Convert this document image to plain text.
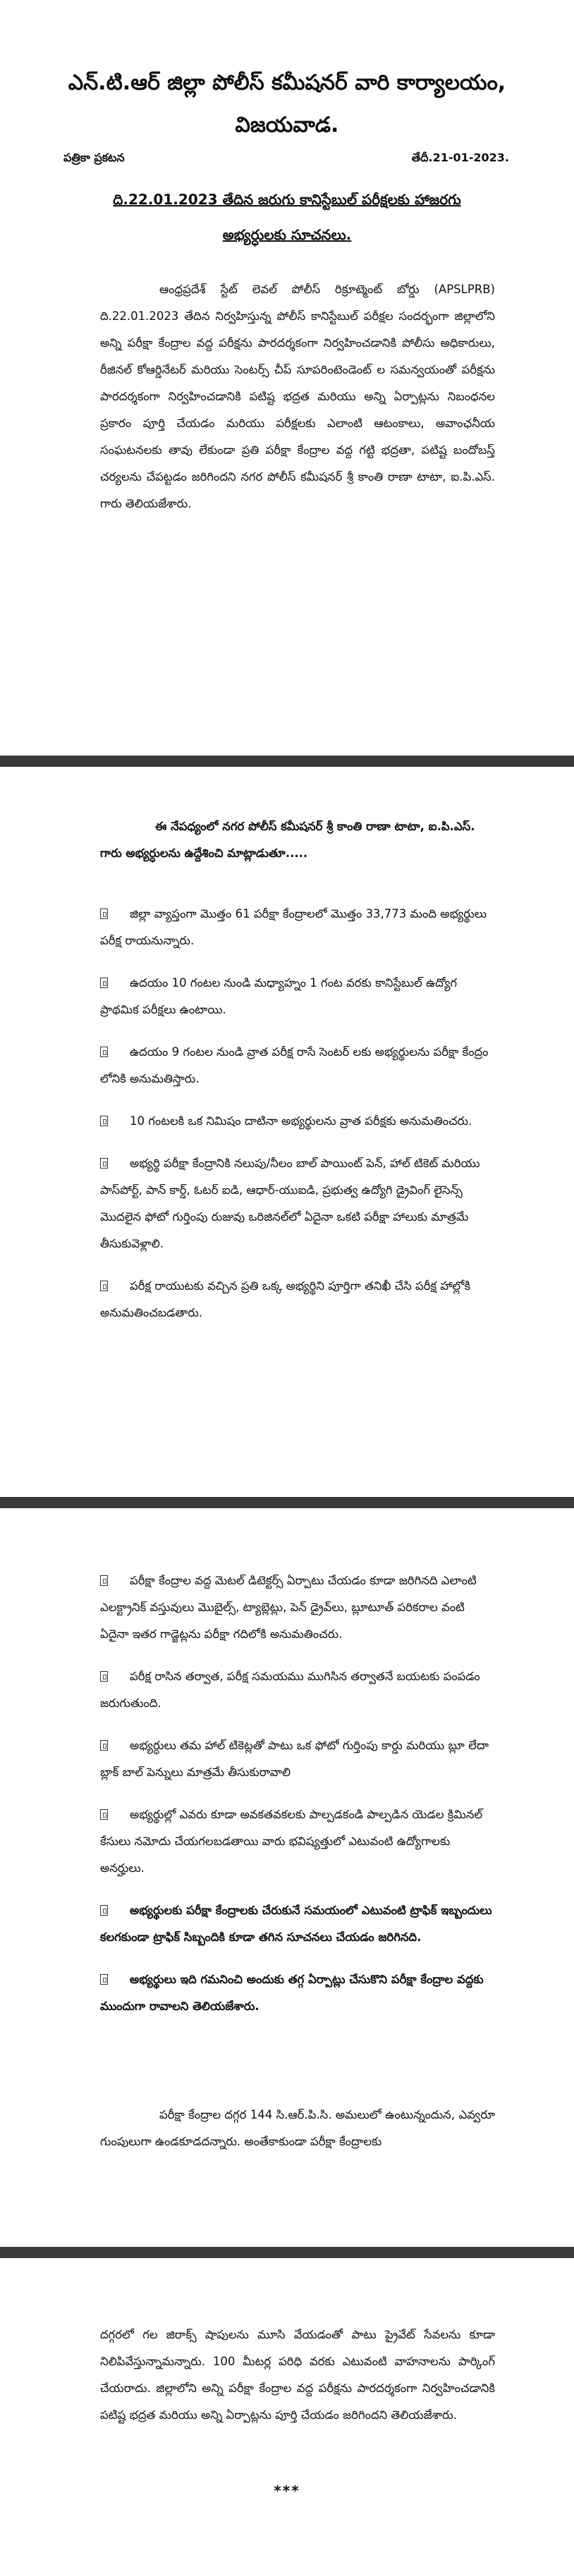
ఎన్.టి.ఆర్ జిల్లా పోలీస్ కమీషనర్ వారి కార్యాలయం,
విజయవాడ.
పత్రికా ప్రకటన	తేదీ.21-01-2023.
ది.22.01.2023 తేదిన జరుగు కానిస్టేబుల్ పరీక్షలకు హాజరగు
అభ్యర్ధులకు సూచనలు.
ఆంధ్రప్రదేశ్ స్టేట్ లెవల్ పోలీస్ రిక్రూట్మెంట్ బోర్డు (APSLPRB) ది.22.01.2023 తేదిన నిర్వహిస్తున్న పోలీస్ కానిస్టేబుల్ పరీక్షల సందర్భంగా జిల్లాలోని అన్ని పరీక్షా కేంద్రాల వద్ద పరీక్షను పారదర్శకంగా నిర్వహించడానికి పోలీసు అధికారులు, రీజినల్ కోఆర్డినేటర్ మరియు సెంటర్స్ చీప్ సూపరింటెండెంట్ ల సమన్వయంతో పరీక్షను పారదర్శకంగా నిర్వహించడానికి పటిష్ట భద్రత మరియు అన్ని ఏర్పాట్లను నిబంధనల ప్రకారం పూర్తి చేయడం మరియు పరీక్షలకు ఎలాంటి ఆటంకాలు, అవాంఛనీయ సంఘటనలకు తావు లేకుండా ప్రతి పరీక్షా కేంద్రాల వద్ద గట్టి భద్రతా, పటిష్ట బందోబస్త్ చర్యలను చేపట్టడం జరిగిందని నగర పోలీస్ కమీషనర్ శ్రీ కాంతి రాణా టాటా, ఐ.పి.ఎస్. గారు తెలియజేశారు.
ఈ నేపధ్యంలో నగర పోలీస్ కమీషనర్ శ్రీ కాంతి రాణా టాటా, ఐ.పి.ఎస్. గారు అభ్యర్ధులను ఉద్దేశించి మాట్లాడుతూ.....
జిల్లా వ్యాప్తంగా మొత్తం 61 పరీక్షా కేంద్రాలలో మొత్తం 33,773 మంది అభ్యర్థులు పరీక్ష రాయనున్నారు.
ఉదయం 10 గంటల నుండి మధ్యాహ్నం 1 గంట వరకు కానిస్టేబుల్ ఉద్యోగ ప్రాథమిక పరీక్షలు ఉంటాయి.
ఉదయం 9 గంటల నుండి వ్రాత పరీక్ష రాసే సెంటర్ లకు అభ్యర్థులను పరీక్షా కేంద్రం లోనికి అనుమతిస్తారు.
10 గంటలకి ఒక నిమిషం దాటినా అభ్యర్థులను వ్రాత పరీక్షకు అనుమతించరు.
అభ్యర్థి పరీక్షా కేంద్రానికి నలుపు/నీలం బాల్ పాయింట్ పెన్, హాల్ టికెట్ మరియు పాస్‌పోర్ట్, పాన్ కార్డ్, ఓటర్ ఐడి, ఆధార్-యుఐడి, ప్రభుత్వ ఉద్యోగి డ్రైవింగ్ లైసెన్స్ మొదలైన ఫోటో గుర్తింపు రుజువు ఒరిజినల్‌లో ఏదైనా ఒకటి పరీక్షా హాలుకు మాత్రమే తీసుకువెళ్లాలి.
పరీక్ష రాయుటకు వచ్చిన ప్రతి ఒక్క అభ్యర్థిని పూర్తిగా తనిఖీ చేసి పరీక్ష హాల్లోకి అనుమతించబడతారు.
పరీక్షా కేంద్రాల వద్ద మెటల్ డిటెక్టర్స్ ఏర్పాటు చేయడం కూడా జరిగినది ఎలాంటి ఎలక్ట్రానిక్ వస్తువులు మొబైల్స్, ట్యాబ్లెట్లు, పెన్ డ్రైవ్‌లు, బ్లూటూత్ పరికరాల వంటి ఏదైనా ఇతర గాడ్జెట్లను పరీక్షా గదిలోకి అనుమతించరు.
పరీక్ష రాసిన తర్వాత, పరీక్ష సమయము ముగిసిన తర్వాతనే బయటకు పంపడం జరుగుతుంది.
అభ్యర్ధులు తమ హాల్ టికెట్లతో పాటు ఒక ఫోటో గుర్తింపు కార్డు మరియు బ్లూ లేదా బ్లాక్ బాల్ పెన్నులు మాత్రమే తీసుకురావాలి
అభ్యర్థుల్లో ఎవరు కూడా అవకతవకలకు పాల్పడకండి పాల్పడిన యెడల క్రిమినల్ కేసులు నమోదు చేయగలబడతాయి వారు భవిష్యత్తులో ఎటువంటి ఉద్యోగాలకు అనర్హులు.
అభ్యర్థులకు పరీక్షా కేంద్రాలకు చేరుకునే సమయంలో ఎటువంటి ట్రాఫిక్ ఇబ్బందులు కలగకుండా ట్రాఫిక్ సిబ్బందికి కూడా తగిన సూచనలు చేయడం జరిగినది.
అభ్యర్థులు ఇది గమనించి అందుకు తగ్గ ఏర్పాట్లు చేసుకొని పరీక్షా కేంద్రాల వద్దకు ముందుగా రావాలని తెలియజేశారు.
పరీక్షా కేంద్రాల దగ్గర 144 సి.ఆర్.పి.సి. అమలులో ఉంటున్నందున, ఎవ్వరూ గుంపులుగా ఉండకూడదన్నారు. అంతేకాకుండా పరీక్షా కేంద్రాలకు
దగ్గరలో గల జిరాక్స్ షాపులను మూసి వేయడంతో పాటు ప్రైవేట్ సేవలను కూడా నిలిపివేస్తున్నామన్నారు. 100 మీటర్ల పరిధి వరకు ఎటువంటి వాహనాలను పార్కింగ్ చేయరాదు. జిల్లాలోని అన్ని పరీక్షా కేంద్రాల వద్ద పరీక్షను పారదర్శకంగా నిర్వహించడానికి పటిష్ట భద్రత మరియు అన్ని ఏర్పాట్లను పూర్తి చేయడం జరిగిందని తెలియజేశారు.
***
